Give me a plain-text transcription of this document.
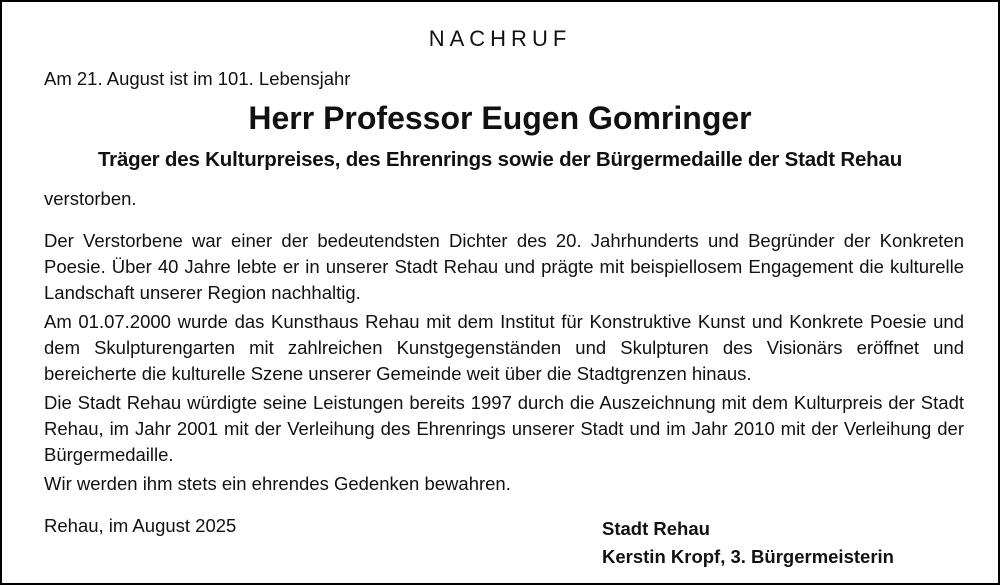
NACHRUF

Am 21. August ist im 101. Lebensjahr

Herr Professor Eugen Gomringer
Träger des Kulturpreises, des Ehrenrings sowie der Bürgermedaille der Stadt Rehau

verstorben.

Der Verstorbene war einer der bedeutendsten Dichter des 20. Jahrhunderts und Begründer der Konkreten Poesie. Über 40 Jahre lebte er in unserer Stadt Rehau und prägte mit beispiellosem Engagement die kulturelle Landschaft unserer Region nachhaltig.

Am 01.07.2000 wurde das Kunsthaus Rehau mit dem Institut für Konstruktive Kunst und Konkrete Poesie und dem Skulpturengarten mit zahlreichen Kunstgegenständen und Skulpturen des Visionärs eröffnet und bereicherte die kulturelle Szene unserer Gemeinde weit über die Stadtgrenzen hinaus.

Die Stadt Rehau würdigte seine Leistungen bereits 1997 durch die Auszeichnung mit dem Kulturpreis der Stadt Rehau, im Jahr 2001 mit der Verleihung des Ehrenrings unserer Stadt und im Jahr 2010 mit der Verleihung der Bürgermedaille.

Wir werden ihm stets ein ehrendes Gedenken bewahren.

Rehau, im August 2025	Stadt Rehau
Kerstin Kropf, 3. Bürgermeisterin
